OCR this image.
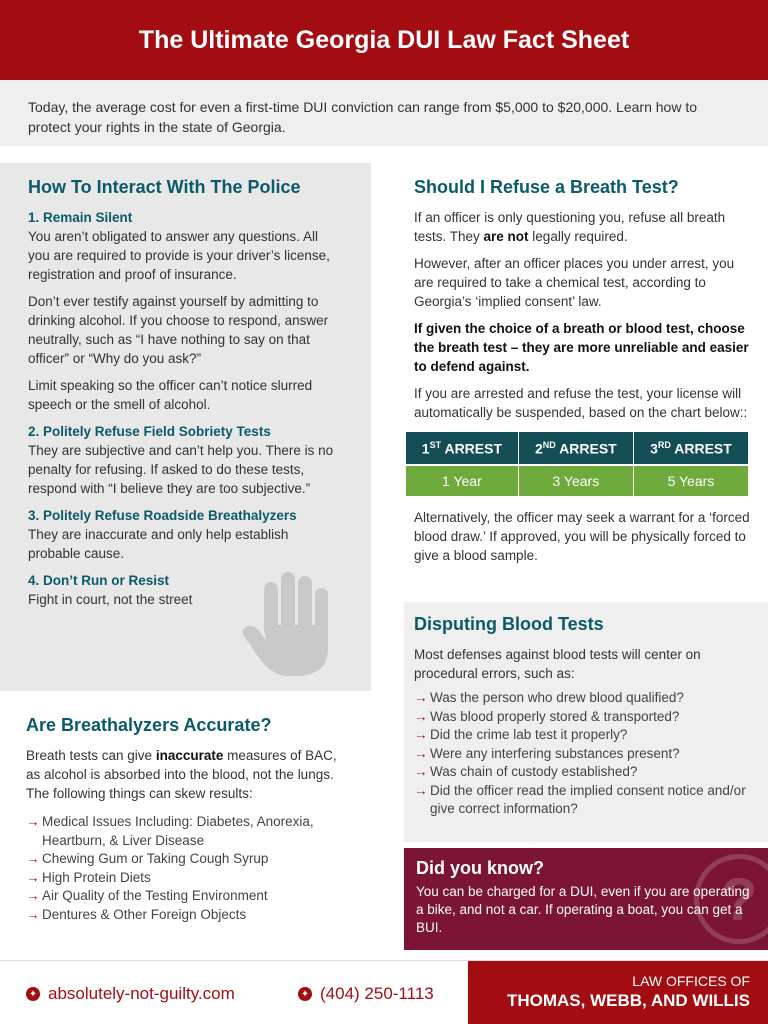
The Ultimate Georgia DUI Law Fact Sheet
Today, the average cost for even a first-time DUI conviction can range from $5,000 to $20,000. Learn how to protect your rights in the state of Georgia.
How To Interact With The Police
1. Remain Silent
You aren’t obligated to answer any questions. All you are required to provide is your driver’s license, registration and proof of insurance.
Don’t ever testify against yourself by admitting to drinking alcohol. If you choose to respond, answer neutrally, such as “I have nothing to say on that officer” or “Why do you ask?”
Limit speaking so the officer can’t notice slurred speech or the smell of alcohol.
2. Politely Refuse Field Sobriety Tests
They are subjective and can’t help you. There is no penalty for refusing. If asked to do these tests, respond with “I believe they are too subjective.”
3. Politely Refuse Roadside Breathalyzers
They are inaccurate and only help establish probable cause.
4. Don’t Run or Resist
Fight in court, not the street
Are Breathalyzers Accurate?
Breath tests can give inaccurate measures of BAC, as alcohol is absorbed into the blood, not the lungs. The following things can skew results:
→ Medical Issues Including: Diabetes, Anorexia, Heartburn, & Liver Disease
→ Chewing Gum or Taking Cough Syrup
→ High Protein Diets
→ Air Quality of the Testing Environment
→ Dentures & Other Foreign Objects
Should I Refuse a Breath Test?
If an officer is only questioning you, refuse all breath tests. They are not legally required.
However, after an officer places you under arrest, you are required to take a chemical test, according to Georgia’s ‘implied consent’ law.
If given the choice of a breath or blood test, choose the breath test – they are more unreliable and easier to defend against.
If you are arrested and refuse the test, your license will automatically be suspended, based on the chart below::
1ST ARREST	2ND ARREST	3RD ARREST
1 Year	3 Years	5 Years
Alternatively, the officer may seek a warrant for a ‘forced blood draw.’ If approved, you will be physically forced to give a blood sample.
Disputing Blood Tests
Most defenses against blood tests will center on procedural errors, such as:
→ Was the person who drew blood qualified?
→ Was blood properly stored & transported?
→ Did the crime lab test it properly?
→ Were any interfering substances present?
→ Was chain of custody established?
→ Did the officer read the implied consent notice and/or give correct information?
?
Did you know?
You can be charged for a DUI, even if you are operating a bike, and not a car. If operating a boat, you can get a BUI.
✦ absolutely-not-guilty.com	✦ (404) 250-1113
LAW OFFICES OF
THOMAS, WEBB, AND WILLIS
